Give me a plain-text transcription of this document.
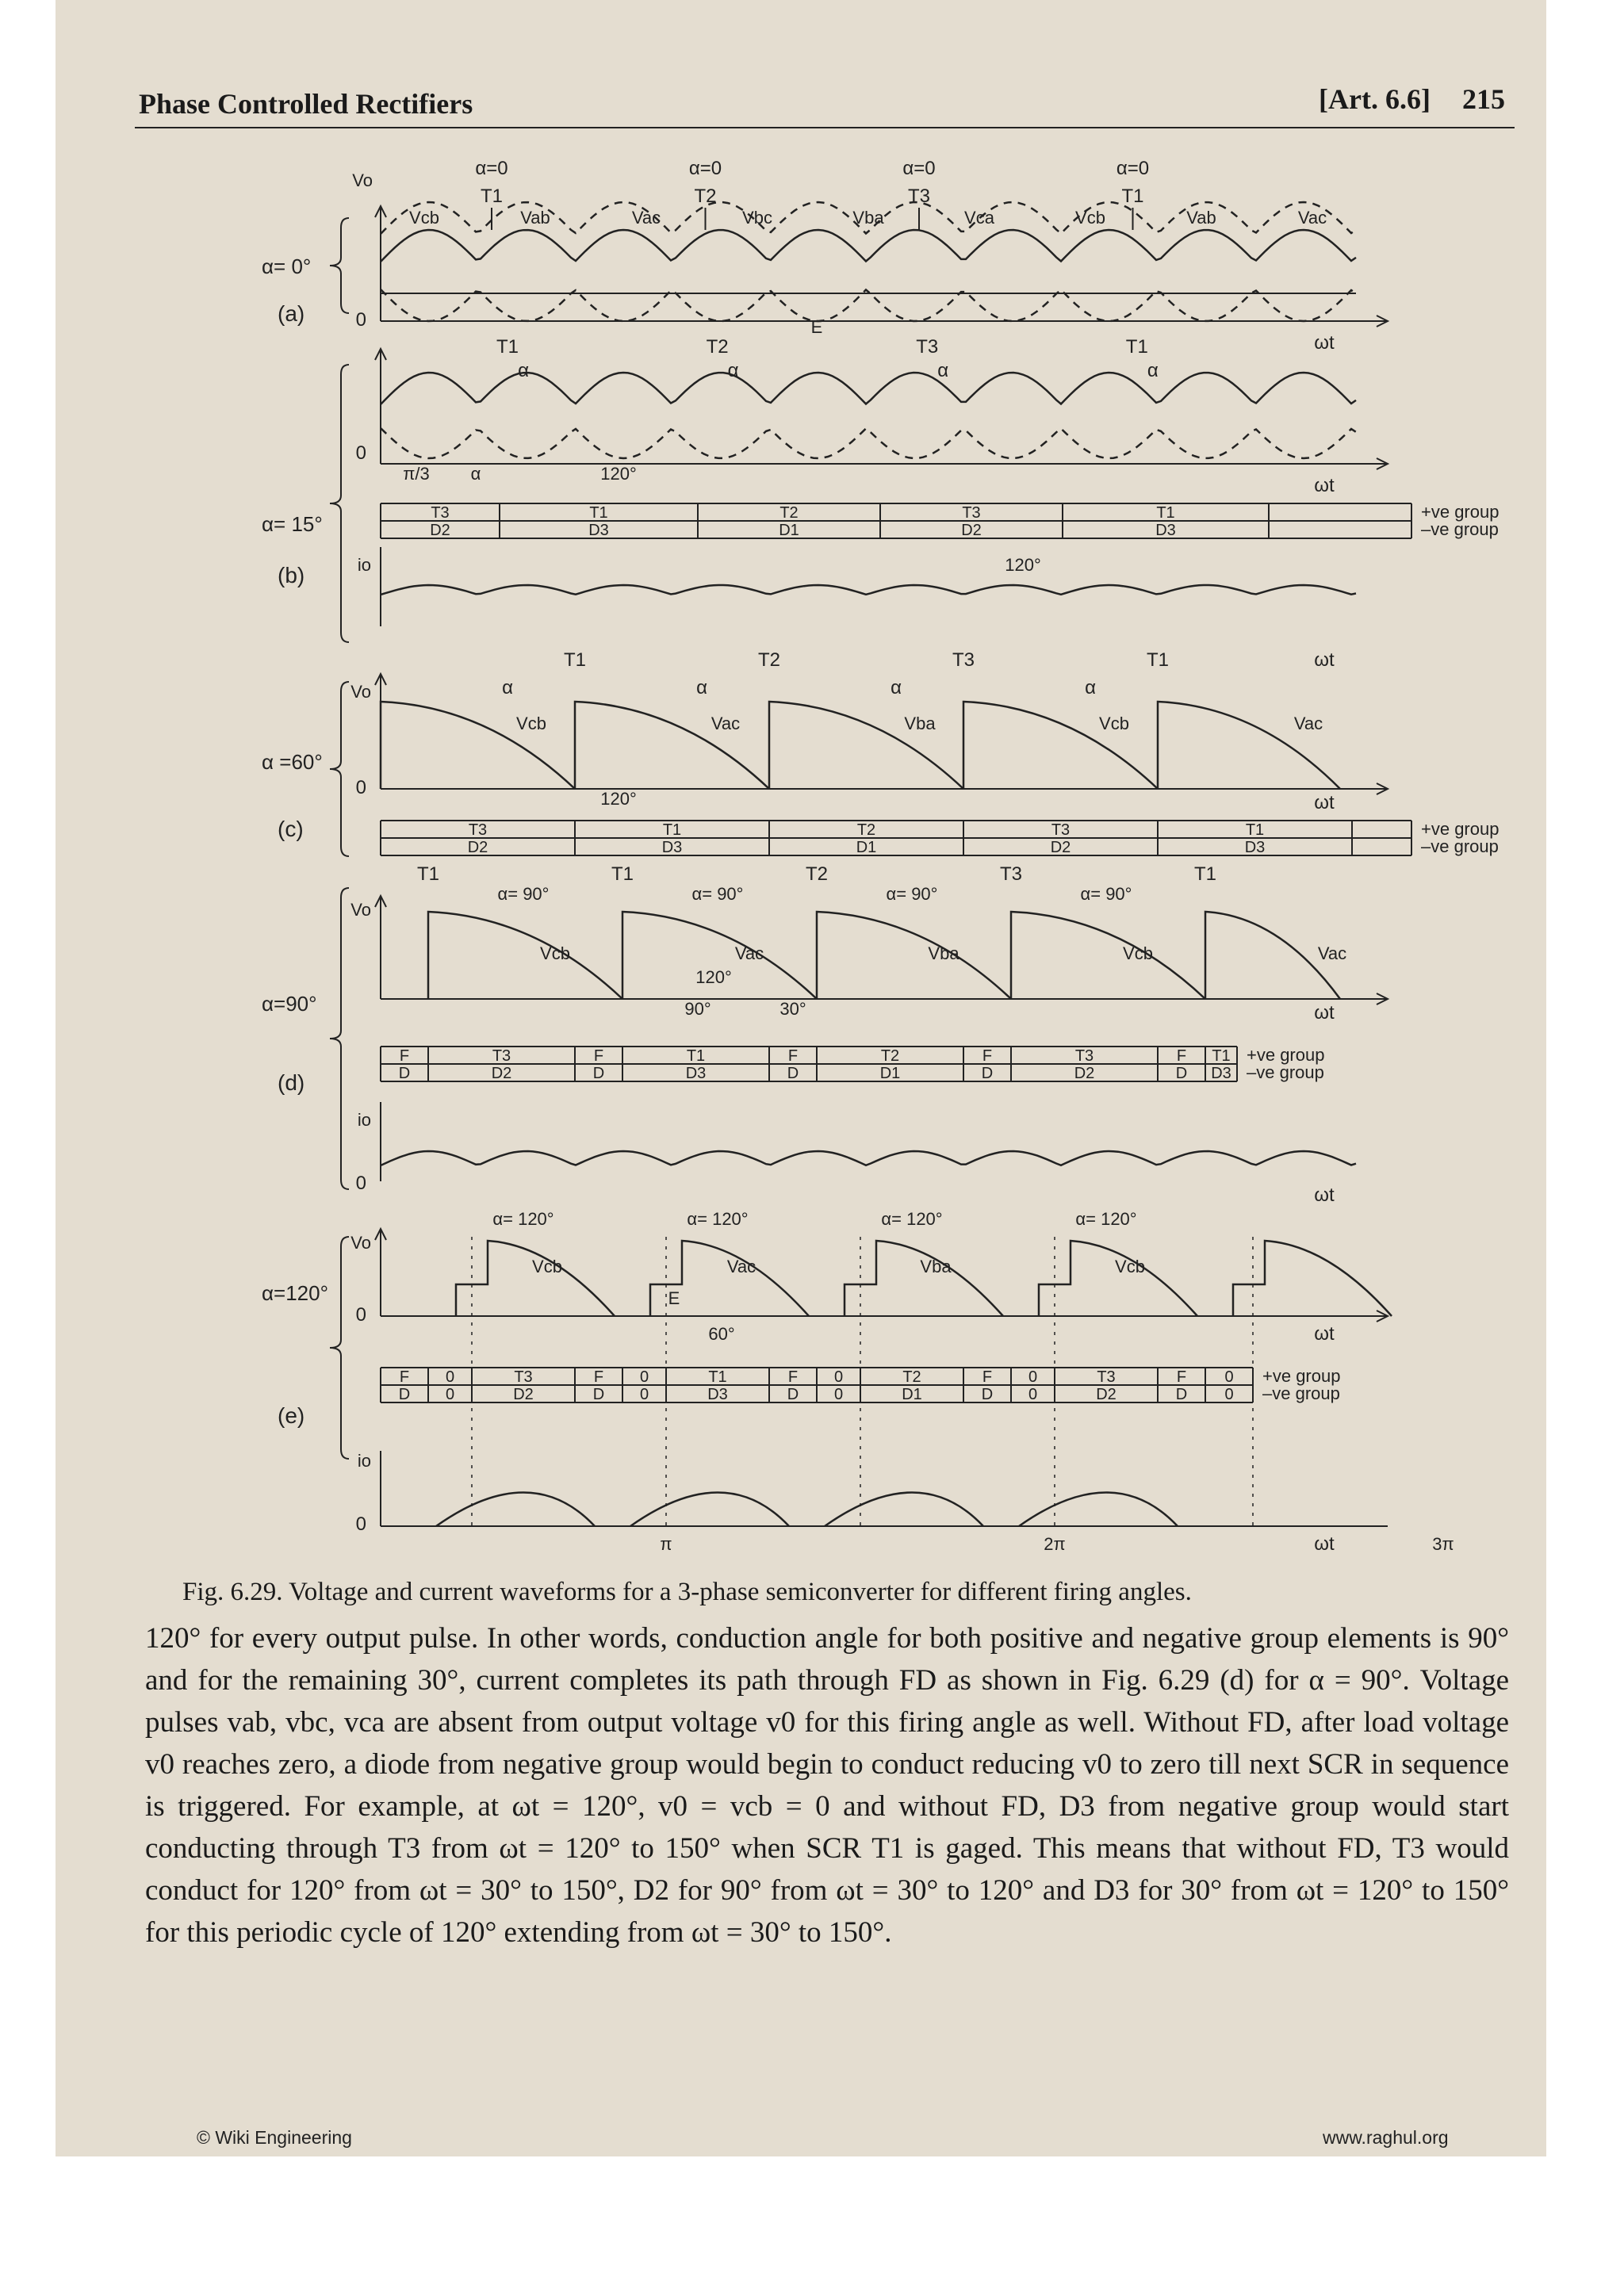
Phase Controlled Rectifiers	[Art. 6.6] 215
α=0	α=0	α=0	α=0
T1	T2	T3	T1
Vcb	Vab	Vac	Vbc	Vba	Vca	Vcb	Vab	Vac
Vo
0
α= 0°
(a)
E
ωt
T1	T2	T3	T1
α	α	α	α
π/3 α	120°
ωt
0
T3	T1	T2	T3	T1
D2	D3	D1	D2	D3
+ve group
–ve group
120°
io
α= 15°
(b)
ωt
T1	T2	T3	T1
α	α	α	α
Vcb	Vac	Vba	Vcb	Vac
120°
0
Vo
α =60°
(c)
ωt
T3	T1	T2	T3	T1
D2	D3	D1	D2	D3
+ve group
–ve group
T1	T1	T2	T3	T1
α= 90°	α= 90°	α= 90°	α= 90°
Vcb	Vac	Vba	Vcb	Vac
120°
90°	30°
Vo
α=90°
(d)
ωt
F	T3	F	T1	F	T2	F	T3	F T1
D	D2	D	D3	D	D1	D	D2	D D3
+ve group
–ve group
io
0
ωt
α= 120°	α= 120°	α= 120°	α= 120°
Vcb	Vac	Vba	Vcb
E
60°
Vo
0
α=120°
(e)
ωt
F 0	T3	F 0	T1	F 0	T2	F 0	T3	F 0
D 0	D2	D 0	D3	D 0	D1	D 0	D2	D 0
+ve group
–ve group
io
0
π	2π	3π
ωt
Fig. 6.29. Voltage and current waveforms for a 3-phase semiconverter for different firing angles.
120° for every output pulse. In other words, conduction angle for both positive and negative group elements is 90° and for the remaining 30°, current completes its path through FD as shown in Fig. 6.29 (d) for α = 90°. Voltage pulses vab, vbc, vca are absent from output voltage v0 for this firing angle as well. Without FD, after load voltage v0 reaches zero, a diode from negative group would begin to conduct reducing v0 to zero till next SCR in sequence is triggered. For example, at ωt = 120°, v0 = vcb = 0 and without FD, D3 from negative group would start conducting through T3 from ωt = 120° to 150° when SCR T1 is gaged. This means that without FD, T3 would conduct for 120° from ωt = 30° to 150°, D2 for 90° from ωt = 30° to 120° and D3 for 30° from ωt = 120° to 150° for this periodic cycle of 120° extending from ωt = 30° to 150°.
© Wiki Engineering	www.raghul.org
